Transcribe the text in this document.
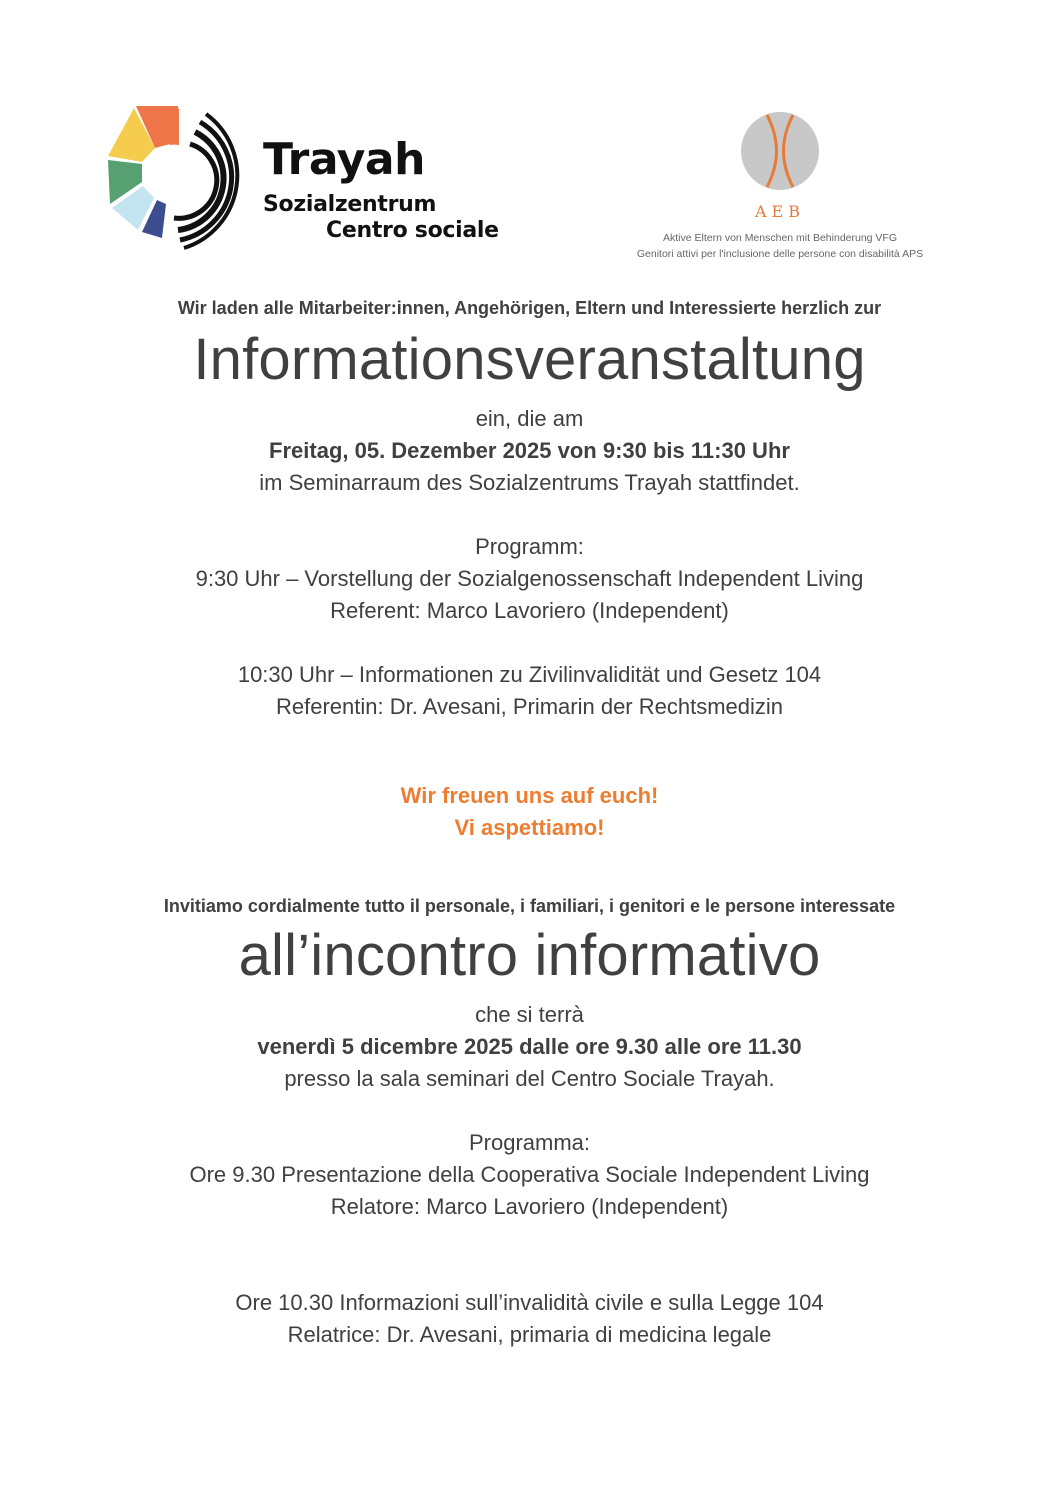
Trayah
Sozialzentrum
Centro sociale
AEB
Aktive Eltern von Menschen mit Behinderung VFG
Genitori attivi per l'inclusione delle persone con disabilità APS
Wir laden alle Mitarbeiter:innen, Angehörigen, Eltern und Interessierte herzlich zur
Informationsveranstaltung
ein, die am
Freitag, 05. Dezember 2025 von 9:30 bis 11:30 Uhr
im Seminarraum des Sozialzentrums Trayah stattfindet.
Programm:
9:30 Uhr – Vorstellung der Sozialgenossenschaft Independent Living
Referent: Marco Lavoriero (Independent)
10:30 Uhr – Informationen zu Zivilinvalidität und Gesetz 104
Referentin: Dr. Avesani, Primarin der Rechtsmedizin
Wir freuen uns auf euch!
Vi aspettiamo!
Invitiamo cordialmente tutto il personale, i familiari, i genitori e le persone interessate
all’incontro informativo
che si terrà
venerdì 5 dicembre 2025 dalle ore 9.30 alle ore 11.30
presso la sala seminari del Centro Sociale Trayah.
Programma:
Ore 9.30 Presentazione della Cooperativa Sociale Independent Living
Relatore: Marco Lavoriero (Independent)
Ore 10.30 Informazioni sull’invalidità civile e sulla Legge 104
Relatrice: Dr. Avesani, primaria di medicina legale
